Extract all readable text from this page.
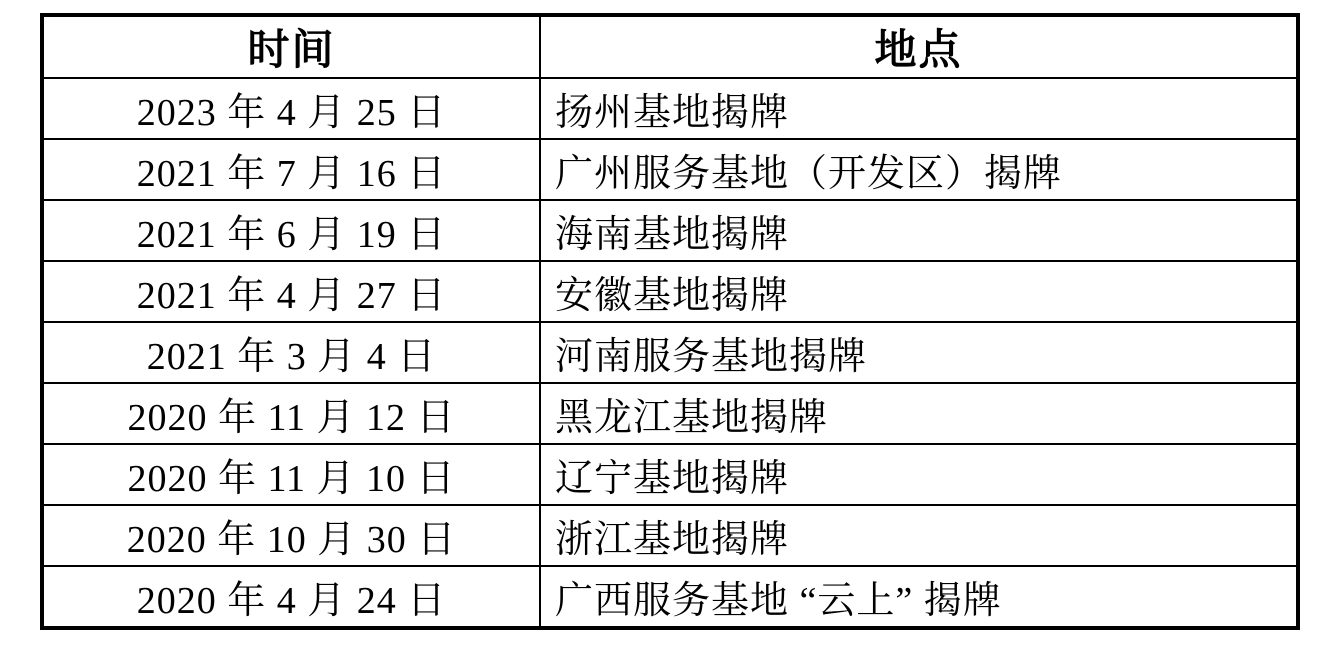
时间	地点
2023 年 4 月 25 日	扬州基地揭牌
2021 年 7 月 16 日	广州服务基地（开发区）揭牌
2021 年 6 月 19 日	海南基地揭牌
2021 年 4 月 27 日	安徽基地揭牌
2021 年 3 月 4 日	河南服务基地揭牌
2020 年 11 月 12 日	黑龙江基地揭牌
2020 年 11 月 10 日	辽宁基地揭牌
2020 年 10 月 30 日	浙江基地揭牌
2020 年 4 月 24 日	广西服务基地 “云上” 揭牌
